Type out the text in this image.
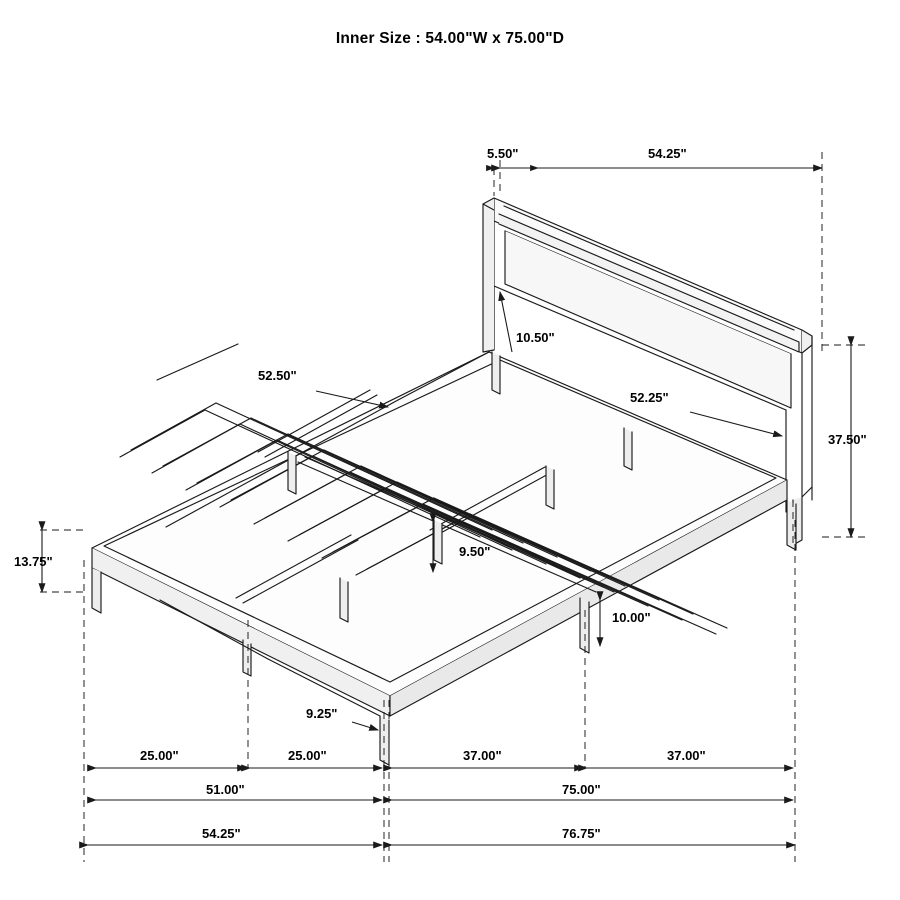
Inner Size : 54.00"W x 75.00"D
5.50"	54.25"
10.50"
52.50"
52.25"
37.50"
9.50"
13.75"
10.00"
9.25"
25.00"	25.00"	37.00"	37.00"
51.00"	75.00"
54.25"	76.75"
